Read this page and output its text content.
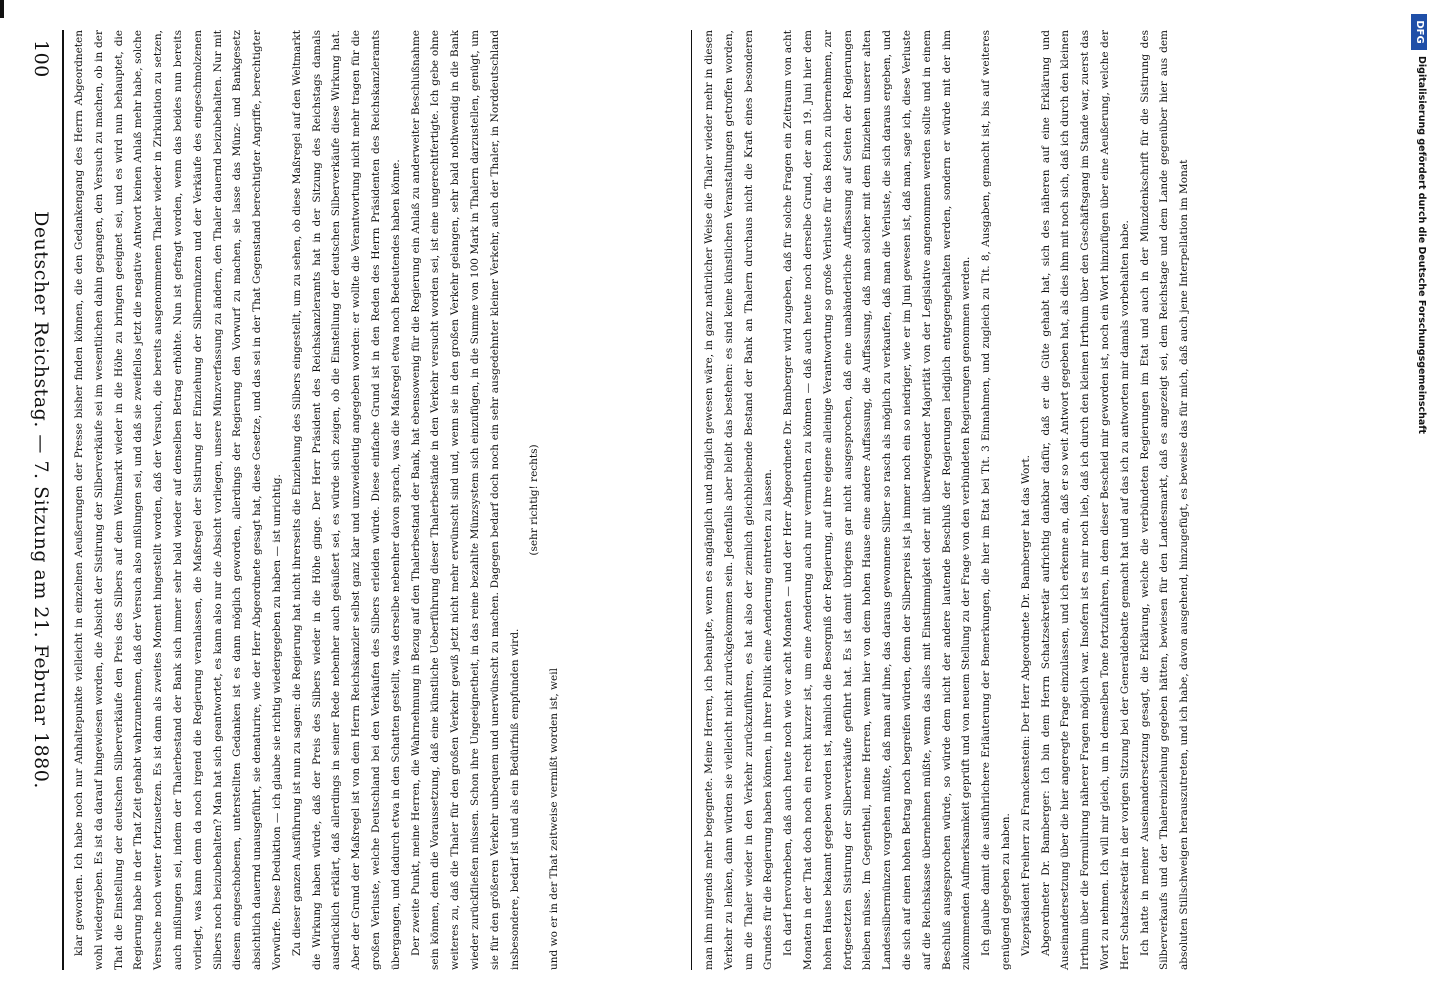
100
Deutscher Reichstag. — 7. Sitzung am 21. Februar 1880. klar geworden. Ich habe noch nur Anhaltepunkte vielleicht in einzelnen Aeußerungen der Presse bisher finden können, die den Gedankengang des Herrn Abgeordneten wohl wiedergeben. Es ist da darauf hingewiesen worden, die Absicht der Sistirung der Silberverkäufe sei im wesentlichen dahin gegangen, den Versuch zu machen, ob in der That die Einstellung der deutschen Silberverkäufe den Preis des Silbers auf dem Weltmarkt wieder in die Höhe zu bringen geeignet sei, und es wird nun behauptet, die Regierung habe in der That Zeit gehabt wahrzunehmen, daß der Versuch also mißlungen sei, und daß sie zweifellos jetzt die negative Antwort keinen Anlaß mehr habe, solche Versuche noch weiter fortzusetzen. Es ist dann als zweites Moment hingestellt worden, daß der Versuch, die bereits ausgenommenen Thaler wieder in Zirkulation zu setzen, auch mißlungen sei, indem der Thalerbestand der Bank sich immer sehr bald wieder auf denselben Betrag erhöhte. Nun ist gefragt worden, wenn das beides nun bereits vorliegt, was kann denn da noch irgend die Regierung veranlassen, die Maßregel der Sistirung der Einziehung der Silbermünzen und der Verkäufe des eingeschmolzenen Silbers noch beizubehalten? Man hat sich geantwortet, es kann also nur die Absicht vorliegen, unsere Münzverfassung zu ändern, den Thaler dauernd beizubehalten. Nur mit diesem eingeschobenen, unterstellten Gedanken ist es dann möglich geworden, allerdings der Regierung den Vorwurf zu machen, sie lasse das Münz- und Bankgesetz absichtlich dauernd unausgeführt, sie denaturire, wie der Herr Abgeordnete gesagt hat, diese Gesetze, und das sei in der That Gegenstand berechtigter Angriffe, berechtigter Vorwürfe. Diese Deduktion — ich glaube sie richtig wiedergegeben zu haben — ist unrichtig. Zu dieser ganzen Ausführung ist nun zu sagen: die Regierung hat nicht ihrerseits die Einziehung des Silbers eingestellt, um zu sehen, ob diese Maßregel auf den Weltmarkt die Wirkung haben würde, daß der Preis des Silbers wieder in die Höhe ginge. Der Herr Präsident des Reichskanzleramts hat in der Sitzung des Reichstags damals ausdrücklich erklärt, daß allerdings in seiner Rede nebenher auch geäußert sei, es würde sich zeigen, ob die Einstellung der deutschen Silberverkäufe diese Wirkung hat. Aber der Grund der Maßregel ist von dem Herrn Reichskanzler selbst ganz klar und unzweideutig angegeben worden: er wollte die Verantwortung nicht mehr tragen für die großen Verluste, welche Deutschland bei den Verkäufen des Silbers erleiden würde. Diese einfache Grund ist in den Reden des Herrn Präsidenten des Reichskanzleramts übergangen, und dadurch etwa in den Schatten gestellt, was derselbe nebenher davon sprach, was die Maßregel etwa noch Bedeutendes haben könne. Der zweite Punkt, meine Herren, die Wahrnehmung in Bezug auf den Thalerbestand der Bank, hat ebensowenig für die Regierung ein Anlaß zu anderweiter Beschlußnahme sein können, denn die Voraussetzung, daß eine künstliche Ueberführung dieser Thalerbestände in den Verkehr versucht worden sei, ist eine ungerechtfertigte. Ich gebe ohne weiteres zu, daß die Thaler für den großen Verkehr gewiß jetzt nicht mehr erwünscht sind und, wenn sie in den großen Verkehr gelangen, sehr bald nothwendig in die Bank wieder zurückfließen müssen. Schon ihre Ungeeignetheit, in das reine bezahlte Münzsystem sich einzufügen, in die Summe von 100 Mark in Thalern darzustellen, genügt, um sie für den größeren Verkehr unbequem und unerwünscht zu machen. Dagegen bedarf doch noch ein sehr ausgedehnter kleiner Verkehr, auch der Thaler, in Norddeutschland insbesondere, bedarf ist und als ein Bedürfniß empfunden wird.

(sehr richtig! rechts)

und wo er in der That zeitweise vermißt worden ist, weil	man ihm nirgends mehr begegnete. Meine Herren, ich behaupte, wenn es angänglich und möglich gewesen wäre, in ganz natürlicher Weise die Thaler wieder mehr in diesen Verkehr zu lenken, dann würden sie vielleicht nicht zurückgekommen sein. Jedenfalls aber bleibt das bestehen: es sind keine künstlichen Veranstaltungen getroffen worden, um die Thaler wieder in den Verkehr zurückzuführen, es hat also der ziemlich gleichbleibende Bestand der Bank an Thalern durchaus nicht die Kraft eines besonderen Grundes für die Regierung haben können, in ihrer Politik eine Aenderung eintreten zu lassen. Ich darf hervorheben, daß auch heute noch wie vor acht Monaten — und der Herr Abgeordnete Dr. Bamberger wird zugeben, daß für solche Fragen ein Zeitraum von acht Monaten in der That doch noch ein recht kurzer ist, um eine Aenderung auch nur vermuthen zu können — daß auch heute noch derselbe Grund, der am 19. Juni hier dem hohen Hause bekannt gegeben worden ist, nämlich die Besorgniß der Regierung, auf ihre eigene alleinige Verantwortung so große Verluste für das Reich zu übernehmen, zur fortgesetzten Sistirung der Silberverkäufe geführt hat. Es ist damit übrigens gar nicht ausgesprochen, daß eine unabänderliche Auffassung auf Seiten der Regierungen bleiben müsse. Im Gegentheil, meine Herren, wenn hier von dem hohen Hause eine andere Auffassung, die Auffassung, daß man solcher mit dem Einziehen unserer alten Landessilbermünzen vorgehen müßte, daß man auf ihne, das daraus gewonnene Silber so rasch als möglich zu verkaufen, daß man die Verluste, die sich daraus ergeben, und die sich auf einen hohen Betrag noch begreifen würden, denn der Silberpreis ist ja immer noch ein so niedriger, wie er im Juni gewesen ist, daß man, sage ich, diese Verluste auf die Reichskasse übernehmen müßte, wenn das alles mit Einstimmigkeit oder mit überwiegender Majorität von der Legislative angenommen werden sollte und in einem Beschluß ausgesprochen würde, so würde dem nicht der andere lautende Beschluß der Regierungen lediglich entgegengehalten werden, sondern er würde mit der ihm zukommenden Aufmerksamkeit geprüft und von neuem Stellung zu der Frage von den verbündeten Regierungen genommen werden. Ich glaube damit die ausführlichere Erläuterung der Bemerkungen, die hier im Etat bei Tit. 3 Einnahmen, und zugleich zu Tit. 8, Ausgaben, gemacht ist, bis auf weiteres genügend gegeben zu haben. Vizepräsident Freiherr zu Franckenstein: Der Herr Abgeordnete Dr. Bamberger hat das Wort. Abgeordneter Dr. Bamberger: Ich bin dem Herrn Schatzsekretär aufrichtig dankbar dafür, daß er die Güte gehabt hat, sich des näheren auf eine Erklärung und Auseinandersetzung über die hier angeregte Frage einzulassen, und ich erkenne an, daß er so weit Antwort gegeben hat, als dies ihm mit noch sich, daß ich durch den kleinen Irrthum über die Formulirung näherer Fragen möglich war. Insofern ist es mir noch lieb, daß ich durch den kleinen Irrthum über den Geschäftsgang im Stande war, zuerst das Wort zu nehmen. Ich will mir gleich, um in demselben Tone fortzufahren, in dem dieser Bescheid mir geworden ist, noch ein Wort hinzufügen über eine Aeußerung, welche der Herr Schatzsekretär in der vorigen Sitzung bei der Generaldebatte gemacht hat und auf das ich zu antworten mir damals vorbehalten habe. Ich hatte in meiner Auseinandersetzung gesagt, die Erklärung, welche die verbündeten Regierungen im Etat und auch in der Münzdenkschrift für die Sistirung des Silberverkaufs und der Thalereinziehung gegeben hätten, bewiesen für den Landesmarkt, daß es angezeigt sei, dem Reichstage und dem Lande gegenüber hier aus dem absoluten Stillschweigen herauszutreten, und ich habe, davon ausgehend, hinzugefügt, es beweise das für mich, daß auch jene Interpellation im Monat	Digitalisierung gefördert durch die Deutsche Forschungsgemeinschaft
DFG
